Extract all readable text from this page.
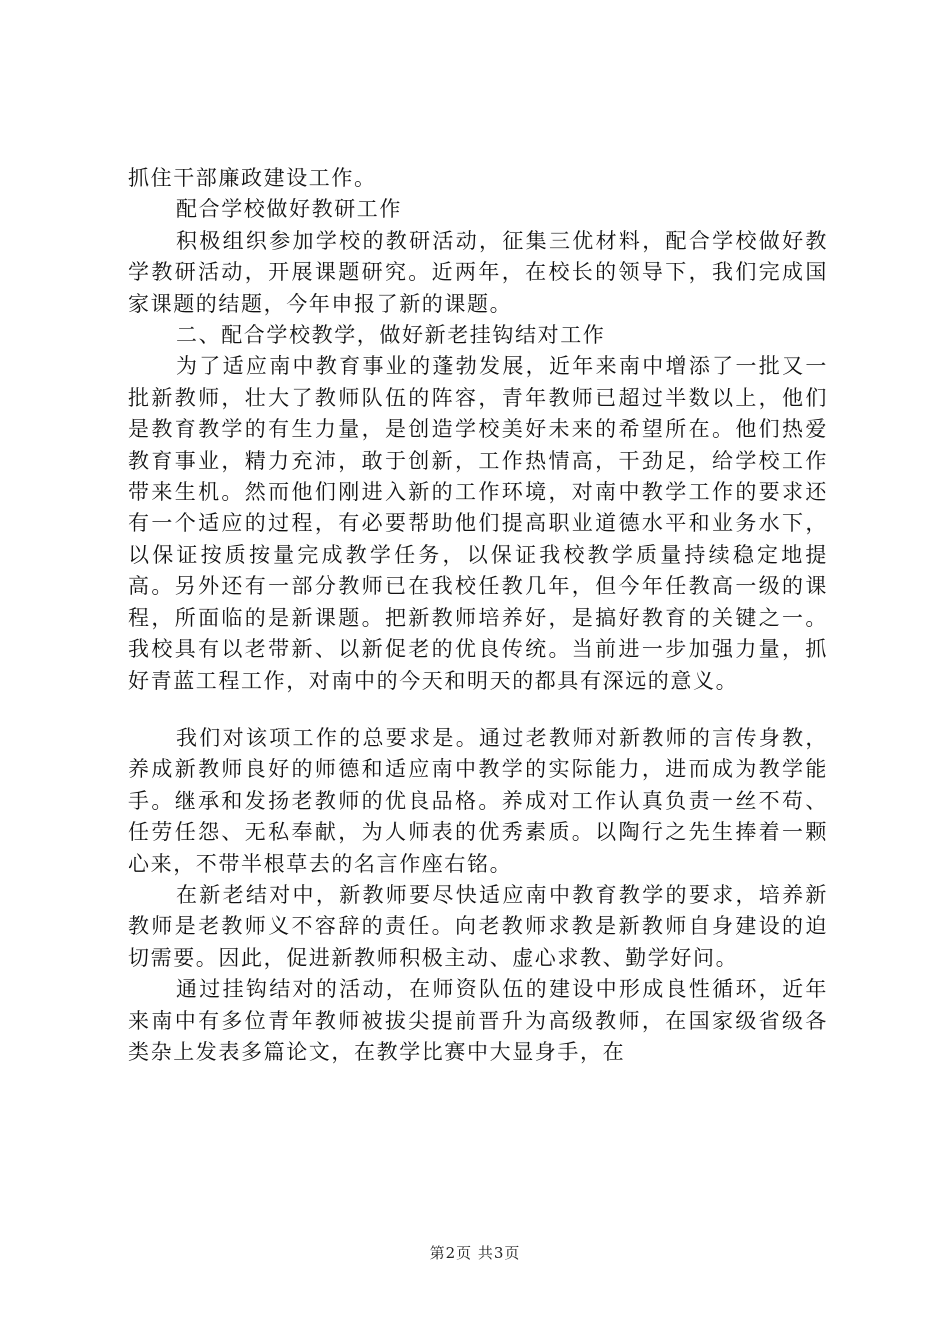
抓住干部廉政建设工作。

配合学校做好教研工作

积极组织参加学校的教研活动，征集三优材料，配合学校做好教学教研活动，开展课题研究。近两年，在校长的领导下，我们完成国家课题的结题，今年申报了新的课题。

二、配合学校教学，做好新老挂钩结对工作

为了适应南中教育事业的蓬勃发展，近年来南中增添了一批又一批新教师，壮大了教师队伍的阵容，青年教师已超过半数以上，他们是教育教学的有生力量，是创造学校美好未来的希望所在。他们热爱教育事业，精力充沛，敢于创新，工作热情高，干劲足，给学校工作带来生机。然而他们刚进入新的工作环境，对南中教学工作的要求还有一个适应的过程，有必要帮助他们提高职业道德水平和业务水下，以保证按质按量完成教学任务，以保证我校教学质量持续稳定地提高。另外还有一部分教师已在我校任教几年，但今年任教高一级的课程，所面临的是新课题。把新教师培养好，是搞好教育的关键之一。我校具有以老带新、以新促老的优良传统。当前进一步加强力量，抓好青蓝工程工作，对南中的今天和明天的都具有深远的意义。

我们对该项工作的总要求是。通过老教师对新教师的言传身教，养成新教师良好的师德和适应南中教学的实际能力，进而成为教学能手。继承和发扬老教师的优良品格。养成对工作认真负责一丝不苟、任劳任怨、无私奉献，为人师表的优秀素质。以陶行之先生捧着一颗心来，不带半根草去的名言作座右铭。

在新老结对中，新教师要尽快适应南中教育教学的要求，培养新教师是老教师义不容辞的责任。向老教师求教是新教师自身建设的迫切需要。因此，促进新教师积极主动、虚心求教、勤学好问。

通过挂钩结对的活动，在师资队伍的建设中形成良性循环，近年来南中有多位青年教师被拔尖提前晋升为高级教师，在国家级省级各类杂上发表多篇论文，在教学比赛中大显身手，在

第2页 共3页
